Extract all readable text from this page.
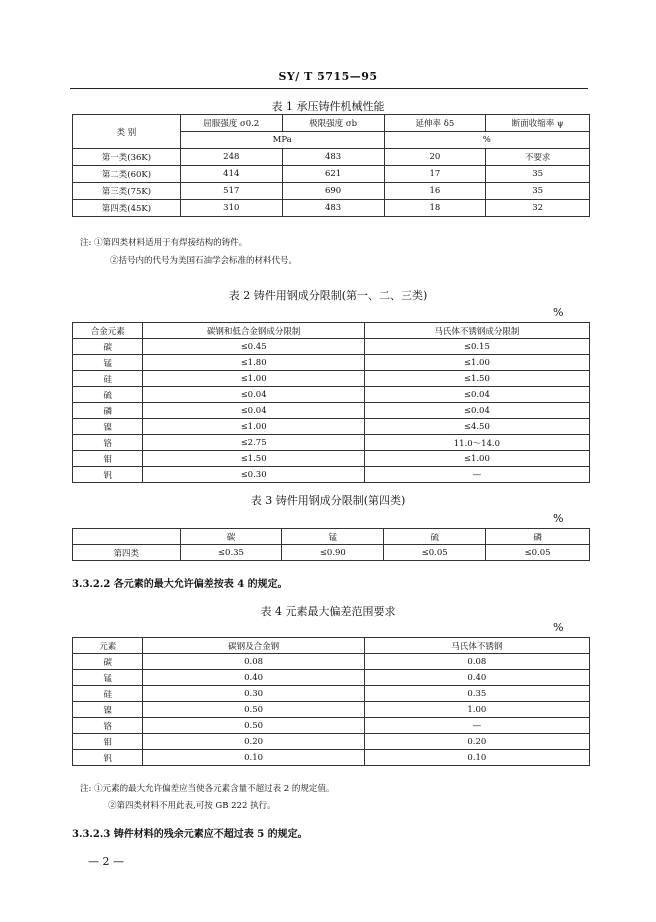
SY/ T 5715—95
表 1 承压铸件机械性能
类 别	屈服强度 σ0.2	极限强度 σb	延伸率 δ5	断面收缩率 ψ
	MPa		%	
第一类(36K)	248	483	20	不要求
第二类(60K)	414	621	17	35
第三类(75K)	517	690	16	35
第四类(45K)	310	483	18	32
注: ①第四类材料适用于有焊接结构的铸件。
②括号内的代号为美国石油学会标准的材料代号。
表 2 铸件用钢成分限制(第一、二、三类)
%
合金元素	碳钢和低合金钢成分限制	马氏体不锈钢成分限制
碳	≤0.45	≤0.15
锰	≤1.80	≤1.00
硅	≤1.00	≤1.50
硫	≤0.04	≤0.04
磷	≤0.04	≤0.04
镍	≤1.00	≤4.50
铬	≤2.75	11.0～14.0
钼	≤1.50	≤1.00
钒	≤0.30	—
表 3 铸件用钢成分限制(第四类)
%
	碳	锰	硫	磷
第四类	≤0.35	≤0.90	≤0.05	≤0.05
3.3.2.2 各元素的最大允许偏差按表 4 的规定。
表 4 元素最大偏差范围要求
%
元素	碳钢及合金钢	马氏体不锈钢
碳	0.08	0.08
锰	0.40	0.40
硅	0.30	0.35
镍	0.50	1.00
铬	0.50	—
钼	0.20	0.20
钒	0.10	0.10
注: ①元素的最大允许偏差应当使各元素含量不超过表 2 的规定值。
②第四类材料不用此表,可按 GB 222 执行。
3.3.2.3 铸件材料的残余元素应不超过表 5 的规定。
— 2 —
